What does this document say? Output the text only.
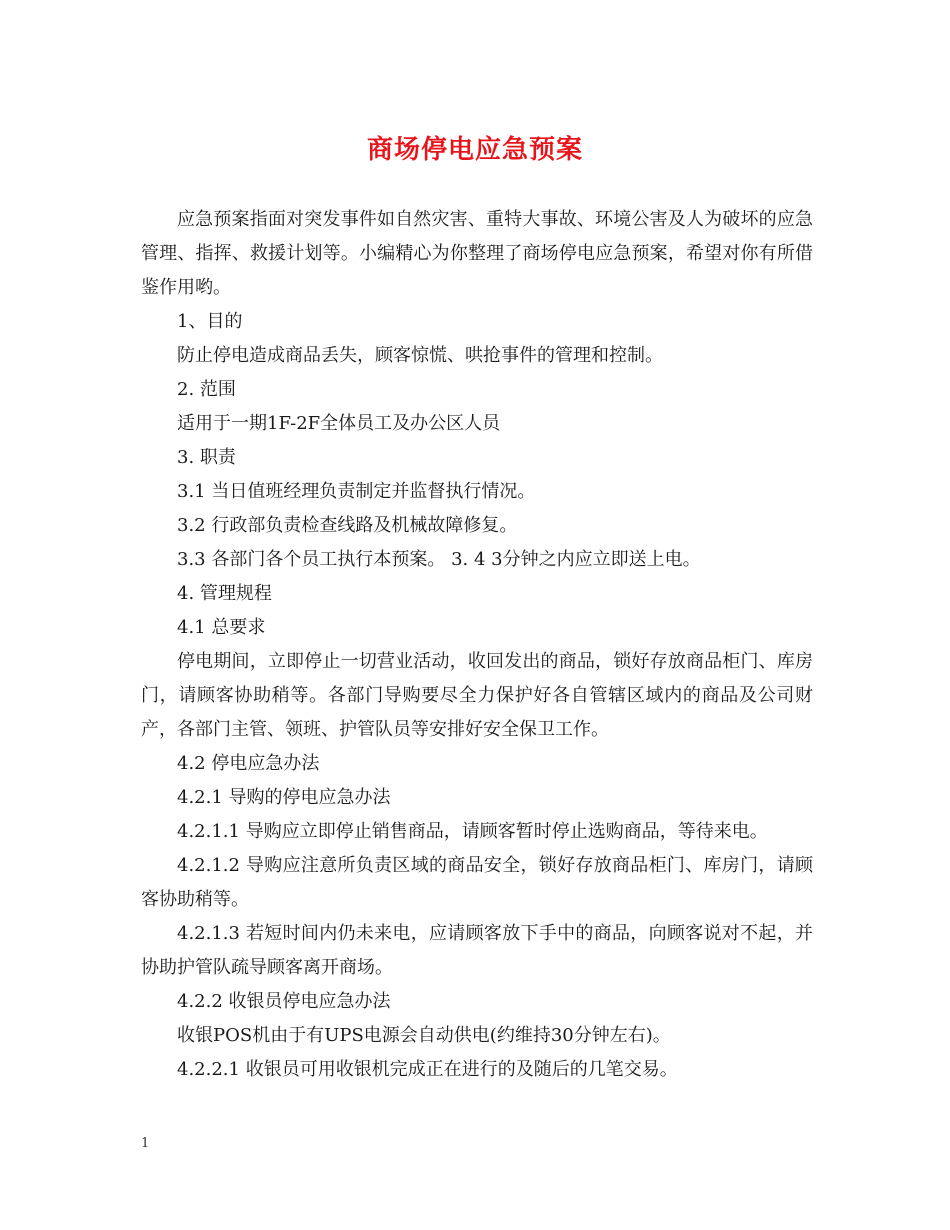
商场停电应急预案

应急预案指面对突发事件如自然灾害、重特大事故、环境公害及人为破坏的应急管理、指挥、救援计划等。小编精心为你整理了商场停电应急预案，希望对你有所借鉴作用哟。

1、目的

防止停电造成商品丢失，顾客惊慌、哄抢事件的管理和控制。

2. 范围

适用于一期1F-2F全体员工及办公区人员

3. 职责

3.1 当日值班经理负责制定并监督执行情况。

3.2 行政部负责检查线路及机械故障修复。

3.3 各部门各个员工执行本预案。 3. 4 3分钟之内应立即送上电。

4. 管理规程

4.1 总要求

停电期间，立即停止一切营业活动，收回发出的商品，锁好存放商品柜门、库房门，请顾客协助稍等。各部门导购要尽全力保护好各自管辖区域内的商品及公司财产，各部门主管、领班、护管队员等安排好安全保卫工作。

4.2 停电应急办法

4.2.1 导购的停电应急办法

4.2.1.1 导购应立即停止销售商品，请顾客暂时停止选购商品，等待来电。

4.2.1.2 导购应注意所负责区域的商品安全，锁好存放商品柜门、库房门，请顾客协助稍等。

4.2.1.3 若短时间内仍未来电，应请顾客放下手中的商品，向顾客说对不起，并协助护管队疏导顾客离开商场。

4.2.2 收银员停电应急办法

收银POS机由于有UPS电源会自动供电(约维持30分钟左右)。

4.2.2.1 收银员可用收银机完成正在进行的及随后的几笔交易。

1
